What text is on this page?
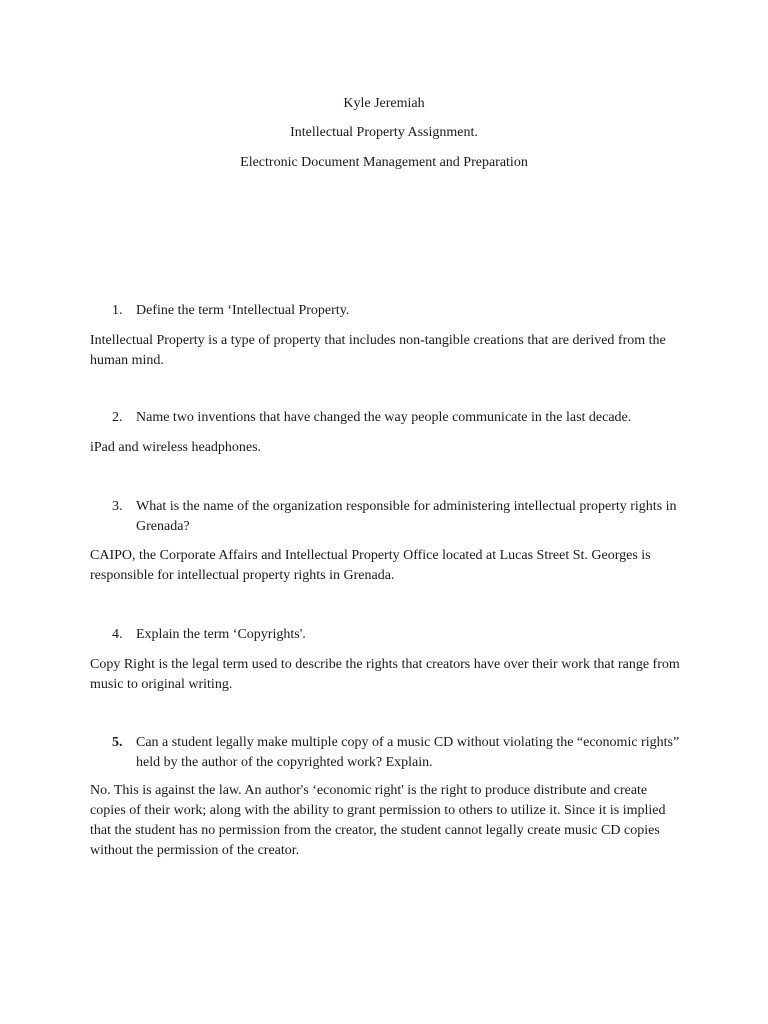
Kyle Jeremiah
Intellectual Property Assignment.
Electronic Document Management and Preparation
1. Define the term ‘Intellectual Property.
Intellectual Property is a type of property that includes non-tangible creations that are derived from the human mind.
2. Name two inventions that have changed the way people communicate in the last decade.
iPad and wireless headphones.
3. What is the name of the organization responsible for administering intellectual property rights in Grenada?
CAIPO, the Corporate Affairs and Intellectual Property Office located at Lucas Street St. Georges is responsible for intellectual property rights in Grenada.
4. Explain the term ‘Copyrights'.
Copy Right is the legal term used to describe the rights that creators have over their work that range from music to original writing.
5. Can a student legally make multiple copy of a music CD without violating the “economic rights” held by the author of the copyrighted work? Explain.
No. This is against the law. An author's ‘economic right' is the right to produce distribute and create copies of their work; along with the ability to grant permission to others to utilize it. Since it is implied that the student has no permission from the creator, the student cannot legally create music CD copies without the permission of the creator.
